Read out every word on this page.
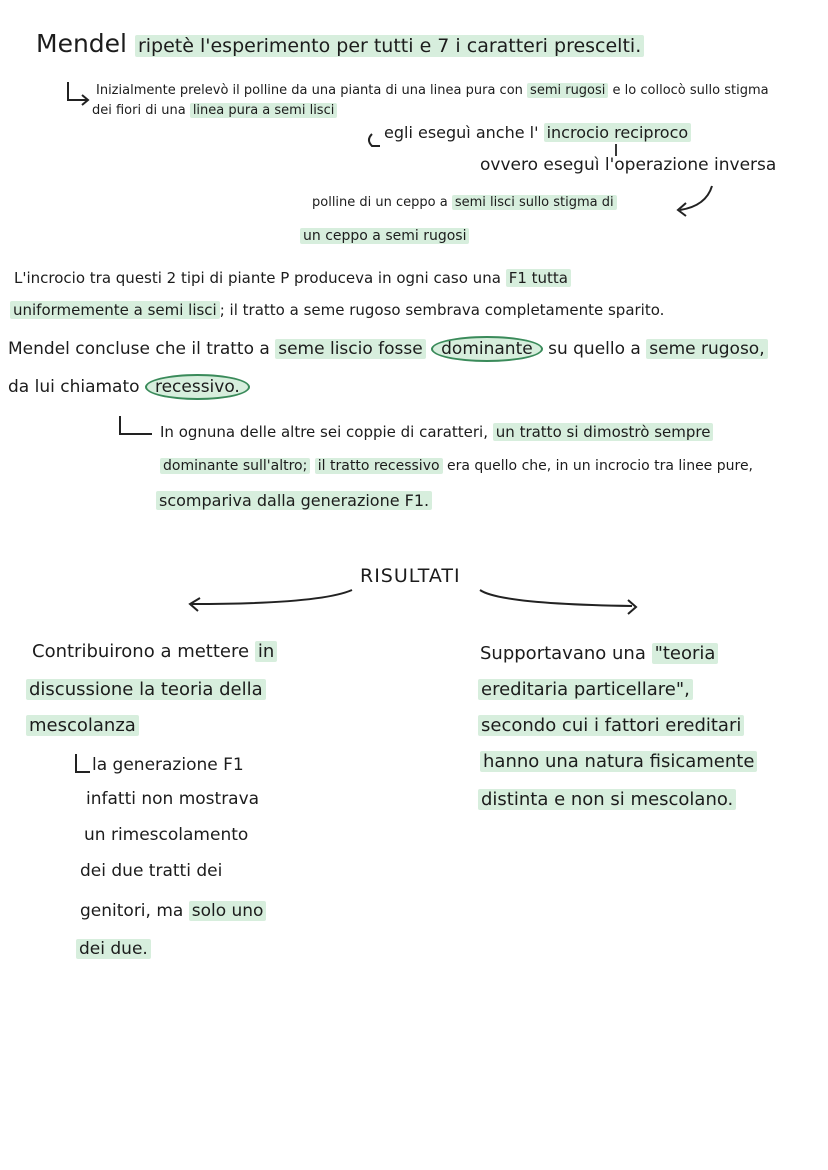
Mendel ripetè l'esperimento per tutti e 7 i caratteri prescelti.
Inizialmente prelevò il polline da una pianta di una linea pura con semi rugosi e lo collocò sullo stigma
dei fiori di una linea pura a semi lisci
egli eseguì anche l' incrocio reciproco
ovvero eseguì l'operazione inversa
polline di un ceppo a semi lisci sullo stigma di
un ceppo a semi rugosi
L'incrocio tra questi 2 tipi di piante P produceva in ogni caso una F1 tutta
uniformemente a semi lisci ; il tratto a seme rugoso sembrava completamente sparito.
Mendel concluse che il tratto a seme liscio fosse dominante su quello a seme rugoso,
da lui chiamato recessivo.
In ognuna delle altre sei coppie di caratteri, un tratto si dimostrò sempre
dominante sull'altro; il tratto recessivo era quello che, in un incrocio tra linee pure,
scompariva dalla generazione F1.
RISULTATI
Contribuirono a mettere in
discussione la teoria della
mescolanza
la generazione F1
infatti non mostrava
un rimescolamento
dei due tratti dei
genitori, ma solo uno
dei due.
Supportavano una "teoria
ereditaria particellare",
secondo cui i fattori ereditari
hanno una natura fisicamente
distinta e non si mescolano.
